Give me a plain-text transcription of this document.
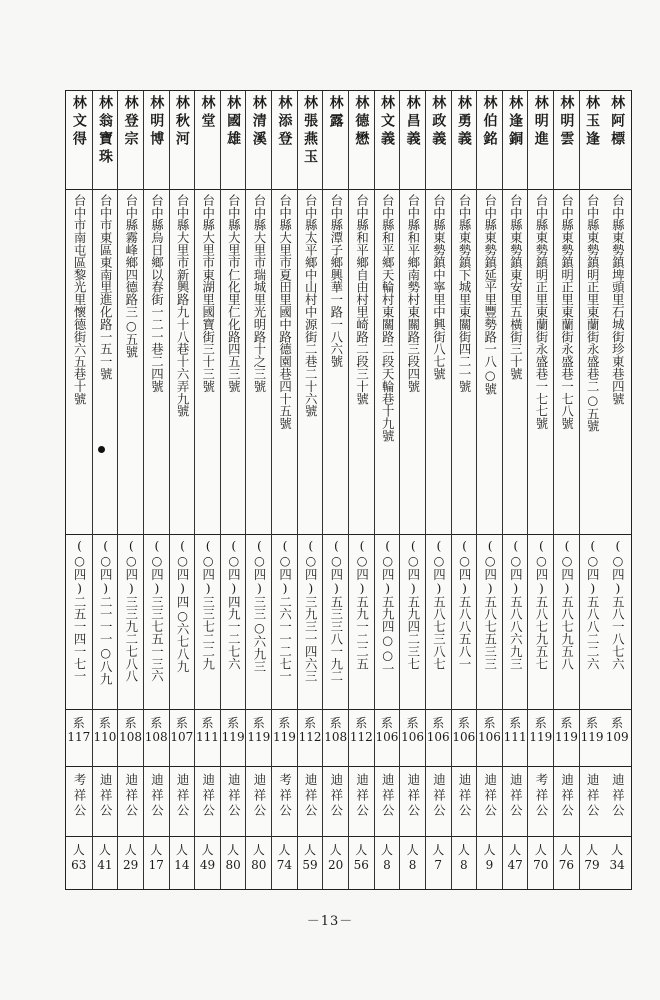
林阿標
台中縣東勢鎮埤頭里石城街珍東巷四號
(○四)五八一八七六
系
109
迪祥公
人
34
林玉逢
台中縣東勢鎮明正里東蘭街永盛巷二○五號
(○四)五八八二二六
系
119
迪祥公
人
79
林明雲
台中縣東勢鎮明正里東蘭街永盛巷一七八號
(○四)五八七九五八
系
119
迪祥公
人
76
林明進
台中縣東勢鎮明正里東蘭街永盛巷一七七號
(○四)五八七九五七
系
119
考祥公
人
70
林逢銅
台中縣東勢鎮東安里五橫街三十號
(○四)五八八六九三
系
111
迪祥公
人
47
林伯銘
台中縣東勢鎮延平里豐勢路一八○號
(○四)五八七五三三
系
106
迪祥公
人
9
林勇義
台中縣東勢鎮下城里東關街四二一號
(○四)五八八五八一
系
106
迪祥公
人
8
林政義
台中縣東勢鎮中寧里中興街八七號
(○四)五八七三八七
系
106
迪祥公
人
7
林昌義
台中縣和平鄉南勢村東關路三段四號
(○四)五九四二三七
系
106
迪祥公
人
8
林文義
台中縣和平鄉天輪村東關路二段天輪巷十九號
(○四)五九四○○一
系
106
迪祥公
人
8
林德懋
台中縣和平鄉自由村里崎路二段三十號
(○四)五九一二二五
系
112
迪祥公
人
56
林露
台中縣潭子鄉興華一路一八六號
(○四)五三三八一九二
系
108
迪祥公
人
20
林張燕玉
台中縣太平鄉中山村中源街二巷二十六號
(○四)三九三一四六三
系
112
迪祥公
人
59
林添登
台中縣大里市夏田里國中路德園巷四十五號
(○四)二六一一二七一
系
119
考祥公
人
74
林清溪
台中縣大里市瑞城里光明路十之三號
(○四)三三○六九三
系
119
迪祥公
人
80
林國雄
台中縣大里市仁化里仁化路四五三號
(○四)四九一二七六
系
119
迪祥公
人
80
林堂
台中縣大里市東湖里國寶街三十三號
(○四)三三七二二九
系
111
迪祥公
人
49
林秋河
台中縣大里市新興路九十八巷十六弄九號
(○四)四○六七八九
系
107
迪祥公
人
14
林明博
台中縣烏日鄉以春街一二一巷二四號
(○四)三三七五一三六
系
108
迪祥公
人
17
林登宗
台中縣霧峰鄉四德路三○五號
(○四)三三九二七八八
系
108
迪祥公
人
29
林翁寶珠
台中市東區東南里進化路一五一號
(○四)二一一一○八九
系
110
迪祥公
人
41
林文得
台中市南屯區黎光里懷德街六五巷十號
(○四)二五一四一七一
系
117
考祥公
人
63
－13－
